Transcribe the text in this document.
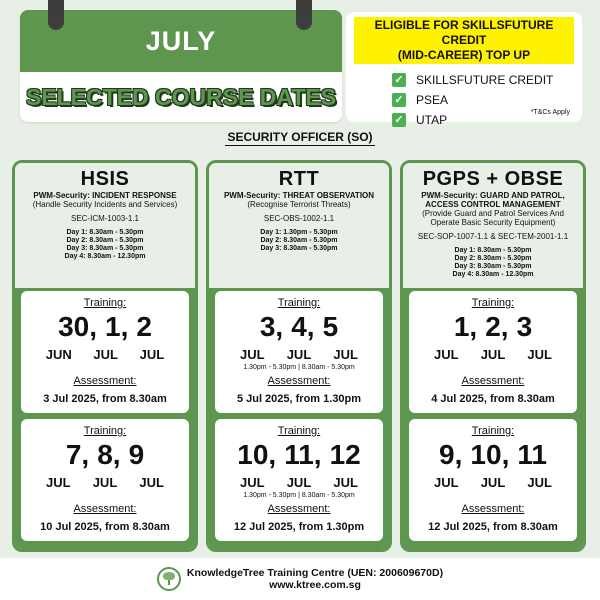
JULY
SELECTED COURSE DATES
ELIGIBLE FOR SKILLSFUTURE CREDIT
(MID-CAREER) TOP UP
✓ SKILLSFUTURE CREDIT
✓ PSEA
✓ UTAP
*T&Cs Apply
SECURITY OFFICER (SO)
HSIS
PWM-Security: INCIDENT RESPONSE
(Handle Security Incidents and Services)
SEC-ICM-1003-1.1
Day 1: 8.30am - 5.30pm
Day 2: 8.30am - 5.30pm
Day 3: 8.30am - 5.30pm
Day 4: 8.30am - 12.30pm
Training:
30 , 1 , 2
JUN JUL JUL
Assessment:
3 Jul 2025, from 8.30am
Training:
7 , 8 , 9
JUL JUL JUL
Assessment:
10 Jul 2025, from 8.30am
RTT
PWM-Security: THREAT OBSERVATION
(Recognise Terrorist Threats)
SEC-OBS-1002-1.1
Day 1: 1.30pm - 5.30pm
Day 2: 8.30am - 5.30pm
Day 3: 8.30am - 5.30pm
Training:
3 , 4 , 5
JUL JUL JUL
1.30pm - 5.30pm | 8.30am - 5.30pm
Assessment:
5 Jul 2025, from 1.30pm
Training:
10 , 11 , 12
JUL JUL JUL
1.30pm - 5.30pm | 8.30am - 5.30pm
Assessment:
12 Jul 2025, from 1.30pm
PGPS + OBSE
PWM-Security: GUARD AND PATROL,
ACCESS CONTROL MANAGEMENT
(Provide Guard and Patrol Services And
Operate Basic Security Equipment)
SEC-SOP-1007-1.1 & SEC-TEM-2001-1.1
Day 1: 8.30am - 5.30pm
Day 2: 8.30am - 5.30pm
Day 3: 8.30am - 5.30pm
Day 4: 8.30am - 12.30pm
Training:
1 , 2 , 3
JUL JUL JUL
Assessment:
4 Jul 2025, from 8.30am
Training:
9 , 10 , 11
JUL JUL JUL
Assessment:
12 Jul 2025, from 8.30am
KnowledgeTree Training Centre (UEN: 200609670D)
www.ktree.com.sg
